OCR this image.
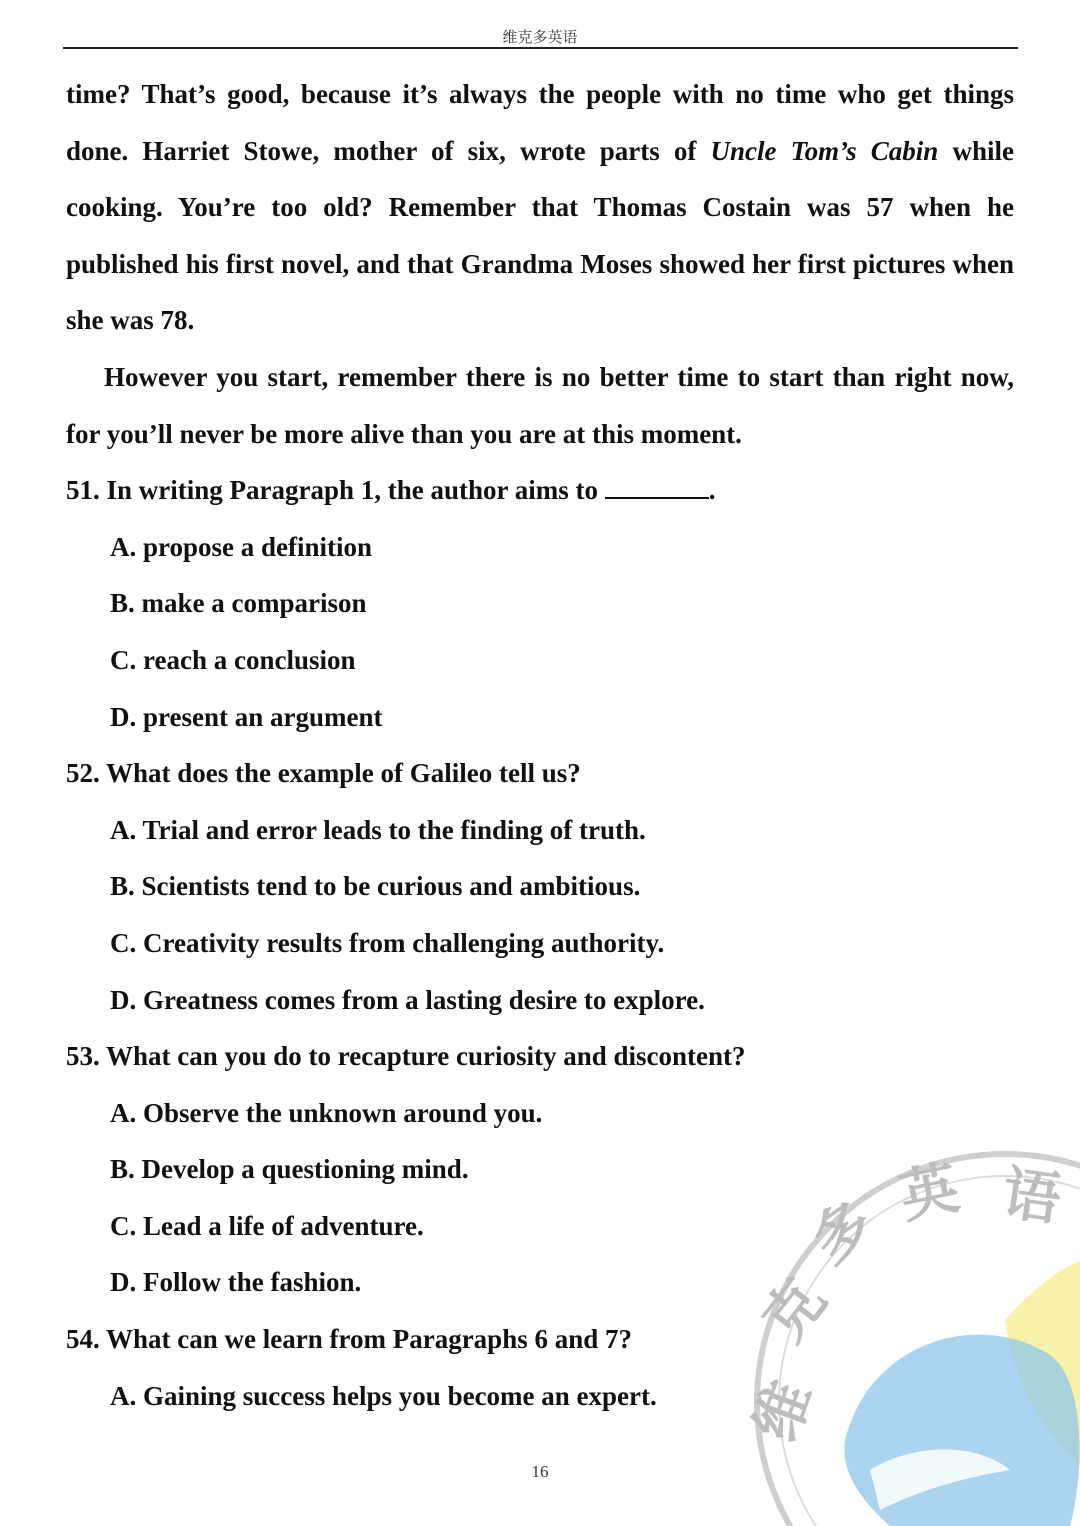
维克多英语

time? That’s good, because it’s always the people with no time who get things done. Harriet Stowe, mother of six, wrote parts of Uncle Tom’s Cabin while cooking. You’re too old? Remember that Thomas Costain was 57 when he published his first novel, and that Grandma Moses showed her first pictures when she was 78.

However you start, remember there is no better time to start than right now, for you’ll never be more alive than you are at this moment.

51. In writing Paragraph 1, the author aims to	.

A. propose a definition

B. make a comparison

C. reach a conclusion

D. present an argument

52. What does the example of Galileo tell us?

A. Trial and error leads to the finding of truth.

B. Scientists tend to be curious and ambitious.

C. Creativity results from challenging authority.

D. Greatness comes from a lasting desire to explore.

53. What can you do to recapture curiosity and discontent?

A. Observe the unknown around you.

B. Develop a questioning mind.

C. Lead a life of adventure.

D. Follow the fashion.

54. What can we learn from Paragraphs 6 and 7?

A. Gaining success helps you become an expert.

16
维
克
多 英 语
